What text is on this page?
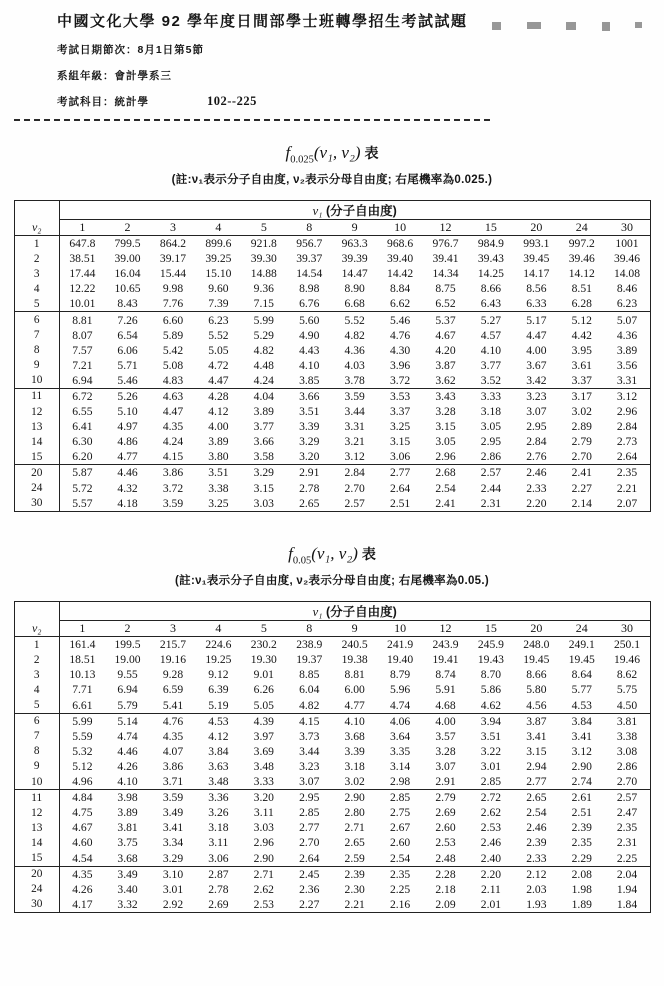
中國文化大學 92 學年度日間部學士班轉學招生考試試題
考試日期節次：8月1日第5節
系組年級：會計學系三
考試科目：統計學	102--225
$f_{0.025}(\nu_1$, ν₂) 表
(註:ν₁表示分子自由度, ν₂表示分母自由度; 右尾機率為0.025.)
	ν₁ (分子自由度)												
ν₂	1	2	3	4	5	8	9	10	12	15	20	24	30
1	647.8	799.5	864.2	899.6	921.8	956.7	963.3	968.6	976.7	984.9	993.1	997.2	1001
2	38.51	39.00	39.17	39.25	39.30	39.37	39.39	39.40	39.41	39.43	39.45	39.46	39.46
3	17.44	16.04	15.44	15.10	14.88	14.54	14.47	14.42	14.34	14.25	14.17	14.12	14.08
4	12.22	10.65	9.98	9.60	9.36	8.98	8.90	8.84	8.75	8.66	8.56	8.51	8.46
5	10.01	8.43	7.76	7.39	7.15	6.76	6.68	6.62	6.52	6.43	6.33	6.28	6.23
6	8.81	7.26	6.60	6.23	5.99	5.60	5.52	5.46	5.37	5.27	5.17	5.12	5.07
7	8.07	6.54	5.89	5.52	5.29	4.90	4.82	4.76	4.67	4.57	4.47	4.42	4.36
8	7.57	6.06	5.42	5.05	4.82	4.43	4.36	4.30	4.20	4.10	4.00	3.95	3.89
9	7.21	5.71	5.08	4.72	4.48	4.10	4.03	3.96	3.87	3.77	3.67	3.61	3.56
10	6.94	5.46	4.83	4.47	4.24	3.85	3.78	3.72	3.62	3.52	3.42	3.37	3.31
11	6.72	5.26	4.63	4.28	4.04	3.66	3.59	3.53	3.43	3.33	3.23	3.17	3.12
12	6.55	5.10	4.47	4.12	3.89	3.51	3.44	3.37	3.28	3.18	3.07	3.02	2.96
13	6.41	4.97	4.35	4.00	3.77	3.39	3.31	3.25	3.15	3.05	2.95	2.89	2.84
14	6.30	4.86	4.24	3.89	3.66	3.29	3.21	3.15	3.05	2.95	2.84	2.79	2.73
15	6.20	4.77	4.15	3.80	3.58	3.20	3.12	3.06	2.96	2.86	2.76	2.70	2.64
20	5.87	4.46	3.86	3.51	3.29	2.91	2.84	2.77	2.68	2.57	2.46	2.41	2.35
24	5.72	4.32	3.72	3.38	3.15	2.78	2.70	2.64	2.54	2.44	2.33	2.27	2.21
30	5.57	4.18	3.59	3.25	3.03	2.65	2.57	2.51	2.41	2.31	2.20	2.14	2.07
$f_{0.05}(\nu_1$, ν₂) 表
(註:ν₁表示分子自由度, ν₂表示分母自由度; 右尾機率為0.05.)
	ν₁ (分子自由度)												
ν₂	1	2	3	4	5	8	9	10	12	15	20	24	30
1	161.4	199.5	215.7	224.6	230.2	238.9	240.5	241.9	243.9	245.9	248.0	249.1	250.1
2	18.51	19.00	19.16	19.25	19.30	19.37	19.38	19.40	19.41	19.43	19.45	19.45	19.46
3	10.13	9.55	9.28	9.12	9.01	8.85	8.81	8.79	8.74	8.70	8.66	8.64	8.62
4	7.71	6.94	6.59	6.39	6.26	6.04	6.00	5.96	5.91	5.86	5.80	5.77	5.75
5	6.61	5.79	5.41	5.19	5.05	4.82	4.77	4.74	4.68	4.62	4.56	4.53	4.50
6	5.99	5.14	4.76	4.53	4.39	4.15	4.10	4.06	4.00	3.94	3.87	3.84	3.81
7	5.59	4.74	4.35	4.12	3.97	3.73	3.68	3.64	3.57	3.51	3.41	3.41	3.38
8	5.32	4.46	4.07	3.84	3.69	3.44	3.39	3.35	3.28	3.22	3.15	3.12	3.08
9	5.12	4.26	3.86	3.63	3.48	3.23	3.18	3.14	3.07	3.01	2.94	2.90	2.86
10	4.96	4.10	3.71	3.48	3.33	3.07	3.02	2.98	2.91	2.85	2.77	2.74	2.70
11	4.84	3.98	3.59	3.36	3.20	2.95	2.90	2.85	2.79	2.72	2.65	2.61	2.57
12	4.75	3.89	3.49	3.26	3.11	2.85	2.80	2.75	2.69	2.62	2.54	2.51	2.47
13	4.67	3.81	3.41	3.18	3.03	2.77	2.71	2.67	2.60	2.53	2.46	2.39	2.35
14	4.60	3.75	3.34	3.11	2.96	2.70	2.65	2.60	2.53	2.46	2.39	2.35	2.31
15	4.54	3.68	3.29	3.06	2.90	2.64	2.59	2.54	2.48	2.40	2.33	2.29	2.25
20	4.35	3.49	3.10	2.87	2.71	2.45	2.39	2.35	2.28	2.20	2.12	2.08	2.04
24	4.26	3.40	3.01	2.78	2.62	2.36	2.30	2.25	2.18	2.11	2.03	1.98	1.94
30	4.17	3.32	2.92	2.69	2.53	2.27	2.21	2.16	2.09	2.01	1.93	1.89	1.84
